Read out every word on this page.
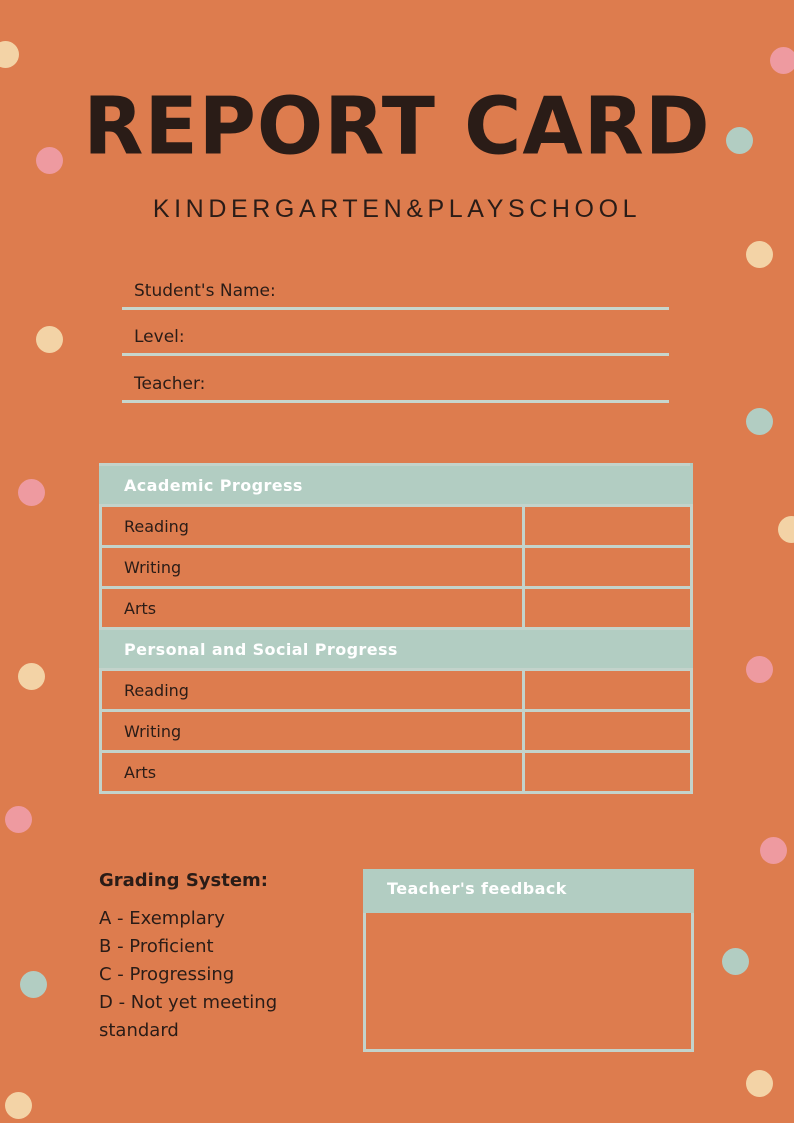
REPORT CARD
KINDERGARTEN&PLAYSCHOOL
Student's Name:
Level:
Teacher:
Academic Progress	
Reading	
Writing	
Arts	
Personal and Social Progress	
Reading	
Writing	
Arts	
Grading System:
A - Exemplary
B - Proficient
C - Progressing
D - Not yet meeting standard
Teacher's feedback
